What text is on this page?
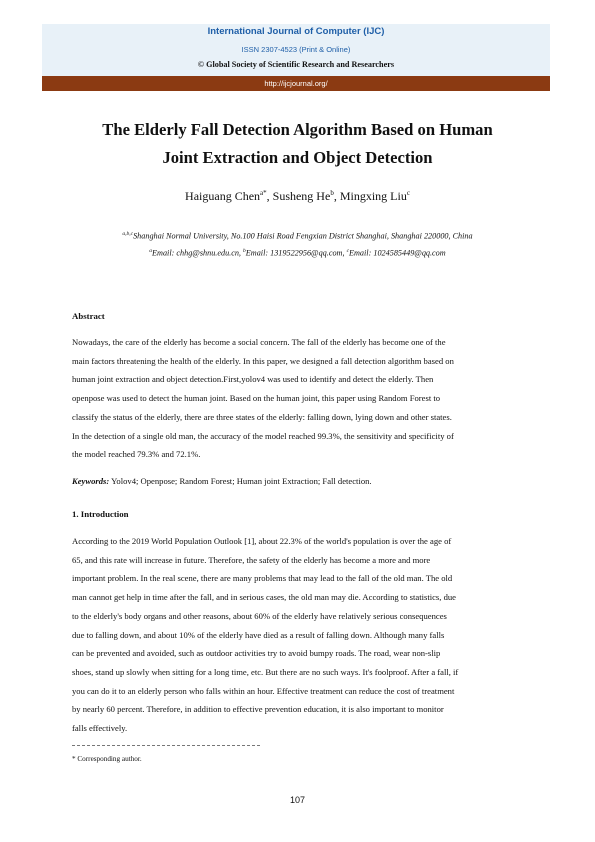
International Journal of Computer (IJC)
ISSN 2307-4523 (Print & Online)
© Global Society of Scientific Research and Researchers
http://ijcjournal.org/
The Elderly Fall Detection Algorithm Based on Human
Joint Extraction and Object Detection
Haiguang Chen$^{a*}$, Susheng He$^b$, Mingxing Liu$^c$
$^{a,b,c}$Shanghai Normal University, No.100 Haisi Road Fengxian District Shanghai, Shanghai 220000, China
$^a$Email: chhg@shnu.edu.cn, $^b$Email: 1319522956@qq.com, $^c$Email: 1024585449@qq.com
Abstract
Nowadays, the care of the elderly has become a social concern. The fall of the elderly has become one of the
main factors threatening the health of the elderly. In this paper, we designed a fall detection algorithm based on
human joint extraction and object detection.First,yolov4 was used to identify and detect the elderly. Then
openpose was used to detect the human joint. Based on the human joint, this paper using Random Forest to
classify the status of the elderly, there are three states of the elderly: falling down, lying down and other states.
In the detection of a single old man, the accuracy of the model reached 99.3%, the sensitivity and specificity of
the model reached 79.3% and 72.1%.
Keywords: Yolov4; Openpose; Random Forest; Human joint Extraction; Fall detection.
1. Introduction
According to the 2019 World Population Outlook [1], about 22.3% of the world's population is over the age of
65, and this rate will increase in future. Therefore, the safety of the elderly has become a more and more
important problem. In the real scene, there are many problems that may lead to the fall of the old man. The old
man cannot get help in time after the fall, and in serious cases, the old man may die. According to statistics, due
to the elderly's body organs and other reasons, about 60% of the elderly have relatively serious consequences
due to falling down, and about 10% of the elderly have died as a result of falling down. Although many falls
can be prevented and avoided, such as outdoor activities try to avoid bumpy roads. The road, wear non-slip
shoes, stand up slowly when sitting for a long time, etc. But there are no such ways. It's foolproof. After a fall, if
you can do it to an elderly person who falls within an hour. Effective treatment can reduce the cost of treatment
by nearly 60 percent. Therefore, in addition to effective prevention education, it is also important to monitor
falls effectively.
* Corresponding author.
107
